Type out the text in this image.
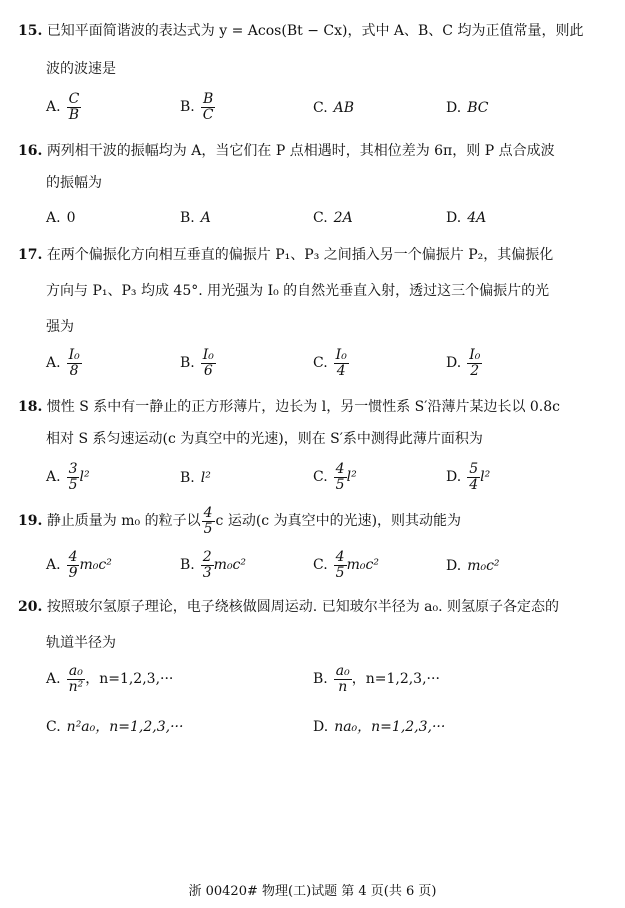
15. 已知平面简谐波的表达式为 y = Acos(Bt − Cx)，式中 A、B、C 均为正值常量，则此
波的波速是
A. $\frac{C}{B}$	B. $\frac{B}{C}$	C. AB	D. BC
16. 两列相干波的振幅均为 A，当它们在 P 点相遇时，其相位差为 6π，则 P 点合成波
的振幅为
A. 0	B. A	C. 2A	D. 4A
17. 在两个偏振化方向相互垂直的偏振片 P₁、P₃ 之间插入另一个偏振片 P₂，其偏振化
方向与 P₁、P₃ 均成 45°. 用光强为 I₀ 的自然光垂直入射，透过这三个偏振片的光
强为
A. $\frac{\text{I₀}}{8}$	B. $\frac{\text{I₀}}{6}$	C. $\frac{\text{I₀}}{4}$	D. $\frac{\text{I₀}}{2}$
18. 惯性 S 系中有一静止的正方形薄片，边长为 l，另一惯性系 S′沿薄片某边长以 0.8c
相对 S 系匀速运动(c 为真空中的光速)，则在 S′系中测得此薄片面积为
A. $\frac{3}{5} l^2$	B. l²	C. $\frac{4}{5} l^2$	D. $\frac{5}{4} l^2$
19. 静止质量为 m₀ 的粒子以 $\frac{4}{5}$ c 运动(c 为真空中的光速)，则其动能为
A. $\frac{4}{9} m_0c^2$	B. $\frac{2}{3} m_0c^2$	C. $\frac{4}{5} m_0c^2$	D. m₀c²
20. 按照玻尔氢原子理论，电子绕核做圆周运动. 已知玻尔半径为 a₀. 则氢原子各定态的
轨道半径为
A. $\frac{\text{a₀}}{\text{n²}}$ ，n=1,2,3,···	B. $\frac{\text{a₀}}{n}$ ，n=1,2,3,···
C. n²a₀，n=1,2,3,···	D. na₀，n=1,2,3,···
浙 00420# 物理(工)试题 第 4 页(共 6 页)
